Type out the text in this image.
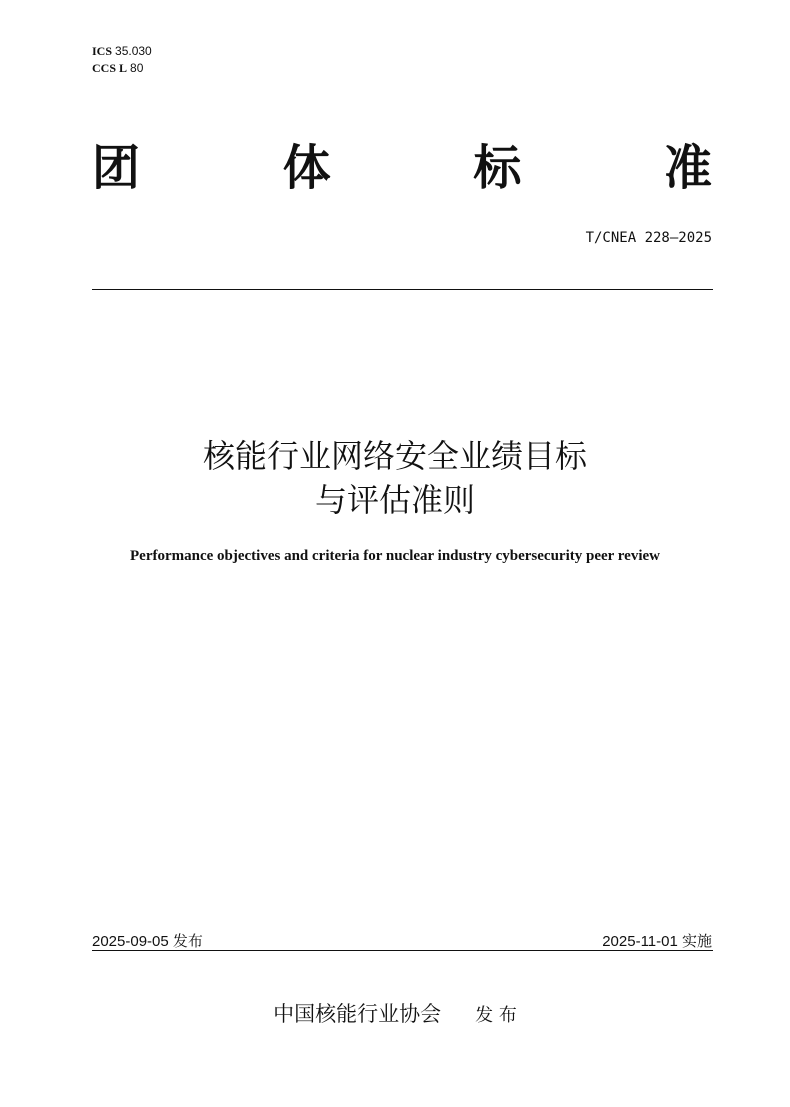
ICS 35.030
CCS L 80
团	体	标	准
T/CNEA 228—2025
核能行业网络安全业绩目标
与评估准则
Performance objectives and criteria for nuclear industry cybersecurity peer review
2025-09-05 发布	2025-11-01 实施
中国核能行业协会 发 布
